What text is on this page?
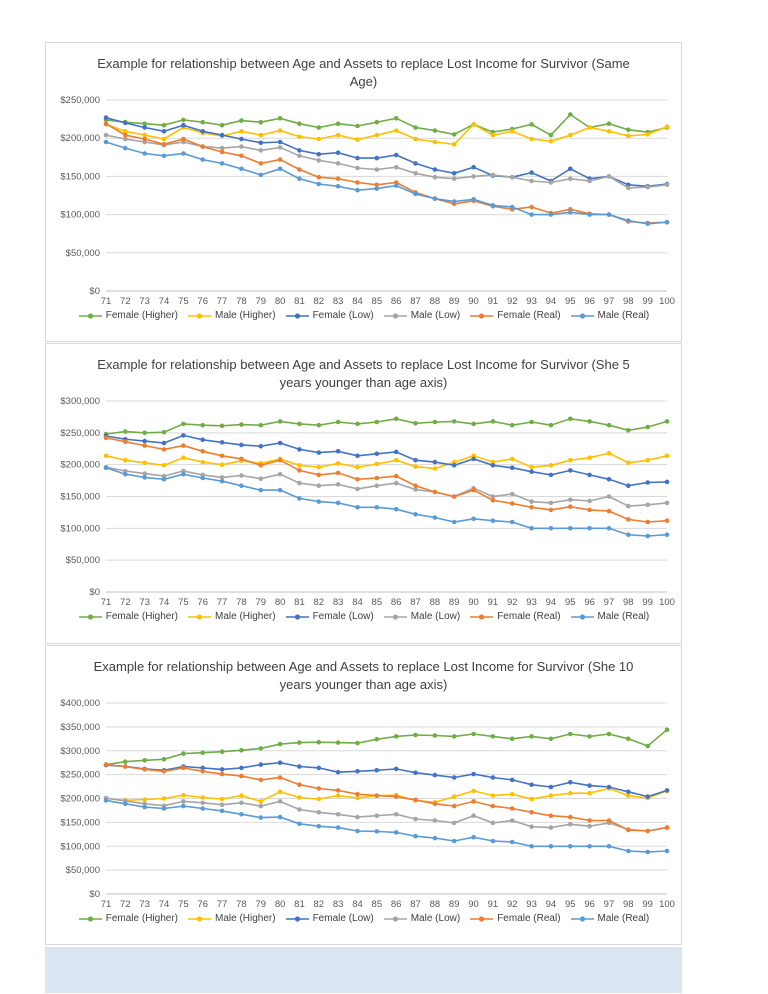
Example for relationship between Age and Assets to replace Lost Income for Survivor (Same Age)
$0
$50,000
$100,000
$150,000
$200,000
$250,000
71 72 73 74 75 76 77 78 79 80 81 82 83 84 85 86 87 88 89 90 91 92 93 94 95 96 97 98 99 100
Female (Higher)	Male (Higher)	Female (Low)	Male (Low)	Female (Real)	Male (Real)
Example for relationship between Age and Assets to replace Lost Income for Survivor (She 5 years younger than age axis)
$0
$50,000
$100,000
$150,000
$200,000
$250,000
$300,000
71 72 73 74 75 76 77 78 79 80 81 82 83 84 85 86 87 88 89 90 91 92 93 94 95 96 97 98 99 100
Female (Higher)	Male (Higher)	Female (Low)	Male (Low)	Female (Real)	Male (Real)
Example for relationship between Age and Assets to replace Lost Income for Survivor (She 10 years younger than age axis)
$0
$50,000
$100,000
$150,000
$200,000
$250,000
$300,000
$350,000
$400,000
71 72 73 74 75 76 77 78 79 80 81 82 83 84 85 86 87 88 89 90 91 92 93 94 95 96 97 98 99 100
Female (Higher)	Male (Higher)	Female (Low)	Male (Low)	Female (Real)	Male (Real)
